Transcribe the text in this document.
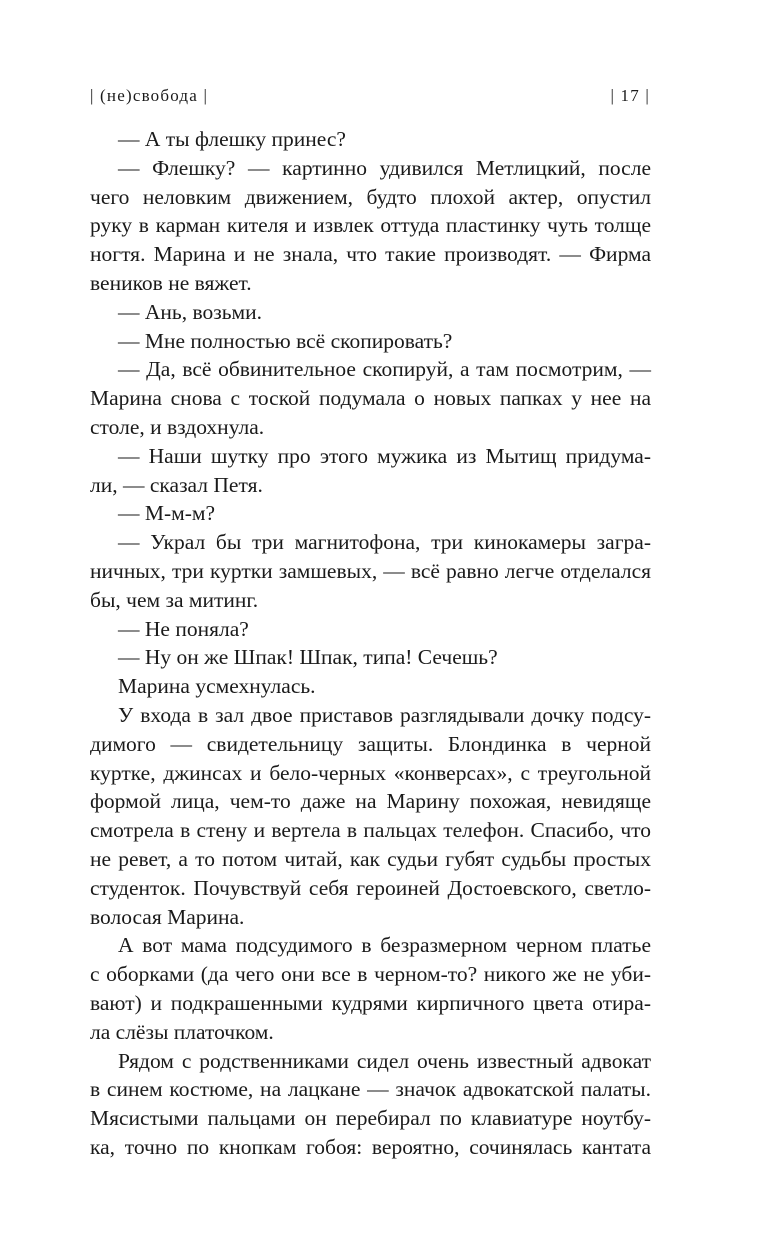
| (не)свобода |	| 17 |
— А ты флешку принес?
— Флешку? — картинно удивился Метлицкий, после
чего неловким движением, будто плохой актер, опустил
руку в карман кителя и извлек оттуда пластинку чуть толще
ногтя. Марина и не знала, что такие производят. — Фирма
веников не вяжет.
— Ань, возьми.
— Мне полностью всё скопировать?
— Да, всё обвинительное скопируй, а там посмотрим, —
Марина снова с тоской подумала о новых папках у нее на
столе, и вздохнула.
— Наши шутку про этого мужика из Мытищ придума-
ли, — сказал Петя.
— М-м-м?
— Украл бы три магнитофона, три кинокамеры загра-
ничных, три куртки замшевых, — всё равно легче отделался
бы, чем за митинг.
— Не поняла?
— Ну он же Шпак! Шпак, типа! Сечешь?
Марина усмехнулась.
У входа в зал двое приставов разглядывали дочку подсу-
димого — свидетельницу защиты. Блондинка в черной
куртке, джинсах и бело-черных «конверсах», с треугольной
формой лица, чем-то даже на Марину похожая, невидяще
смотрела в стену и вертела в пальцах телефон. Спасибо, что
не ревет, а то потом читай, как судьи губят судьбы простых
студенток. Почувствуй себя героиней Достоевского, светло-
волосая Марина.
А вот мама подсудимого в безразмерном черном платье
с оборками (да чего они все в черном-то? никого же не уби-
вают) и подкрашенными кудрями кирпичного цвета отира-
ла слёзы платочком.
Рядом с родственниками сидел очень известный адвокат
в синем костюме, на лацкане — значок адвокатской палаты.
Мясистыми пальцами он перебирал по клавиатуре ноутбу-
ка, точно по кнопкам гобоя: вероятно, сочинялась кантата
